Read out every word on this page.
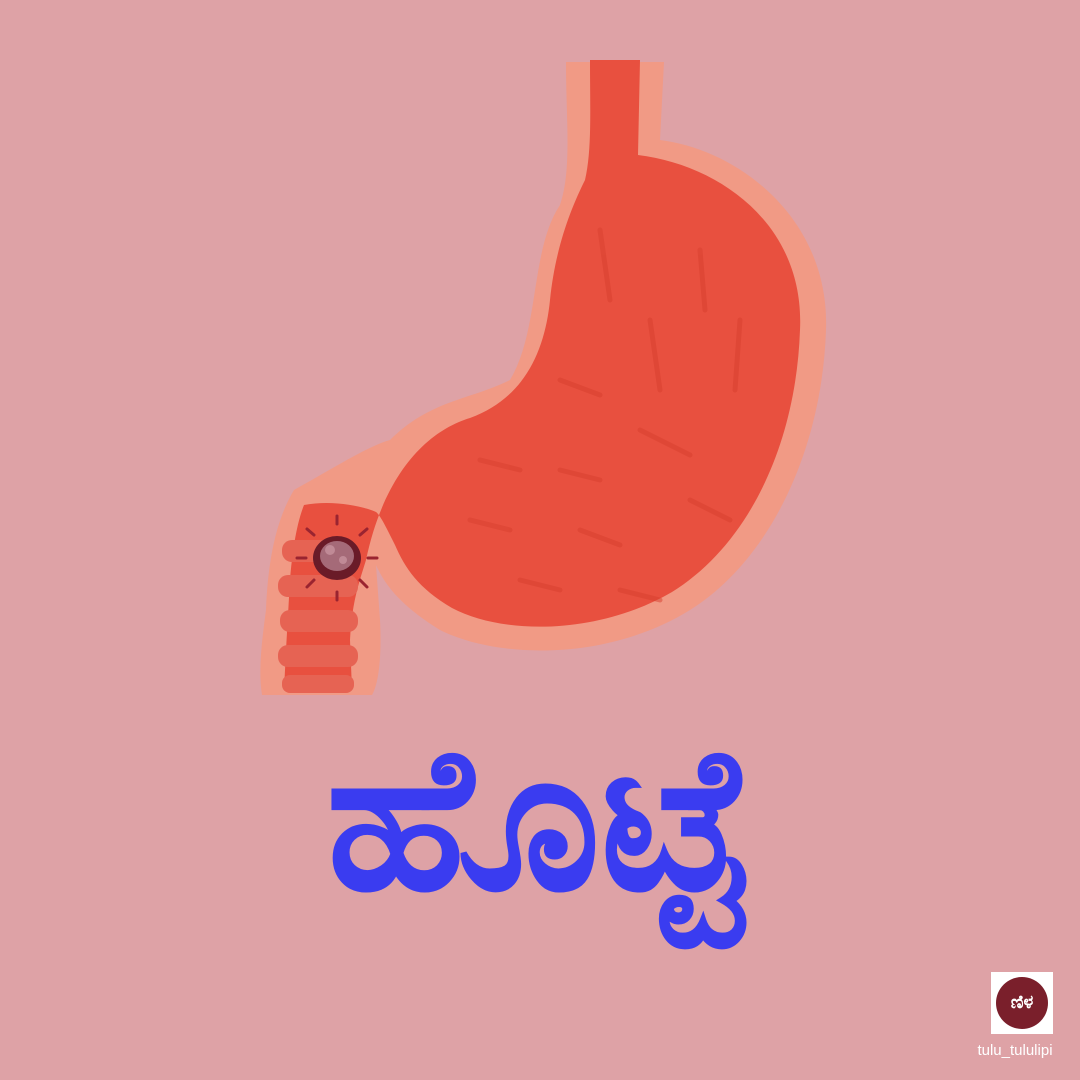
ಹೊಟ್ಟೆ
ಣಿಳ
tulu_tululipi
